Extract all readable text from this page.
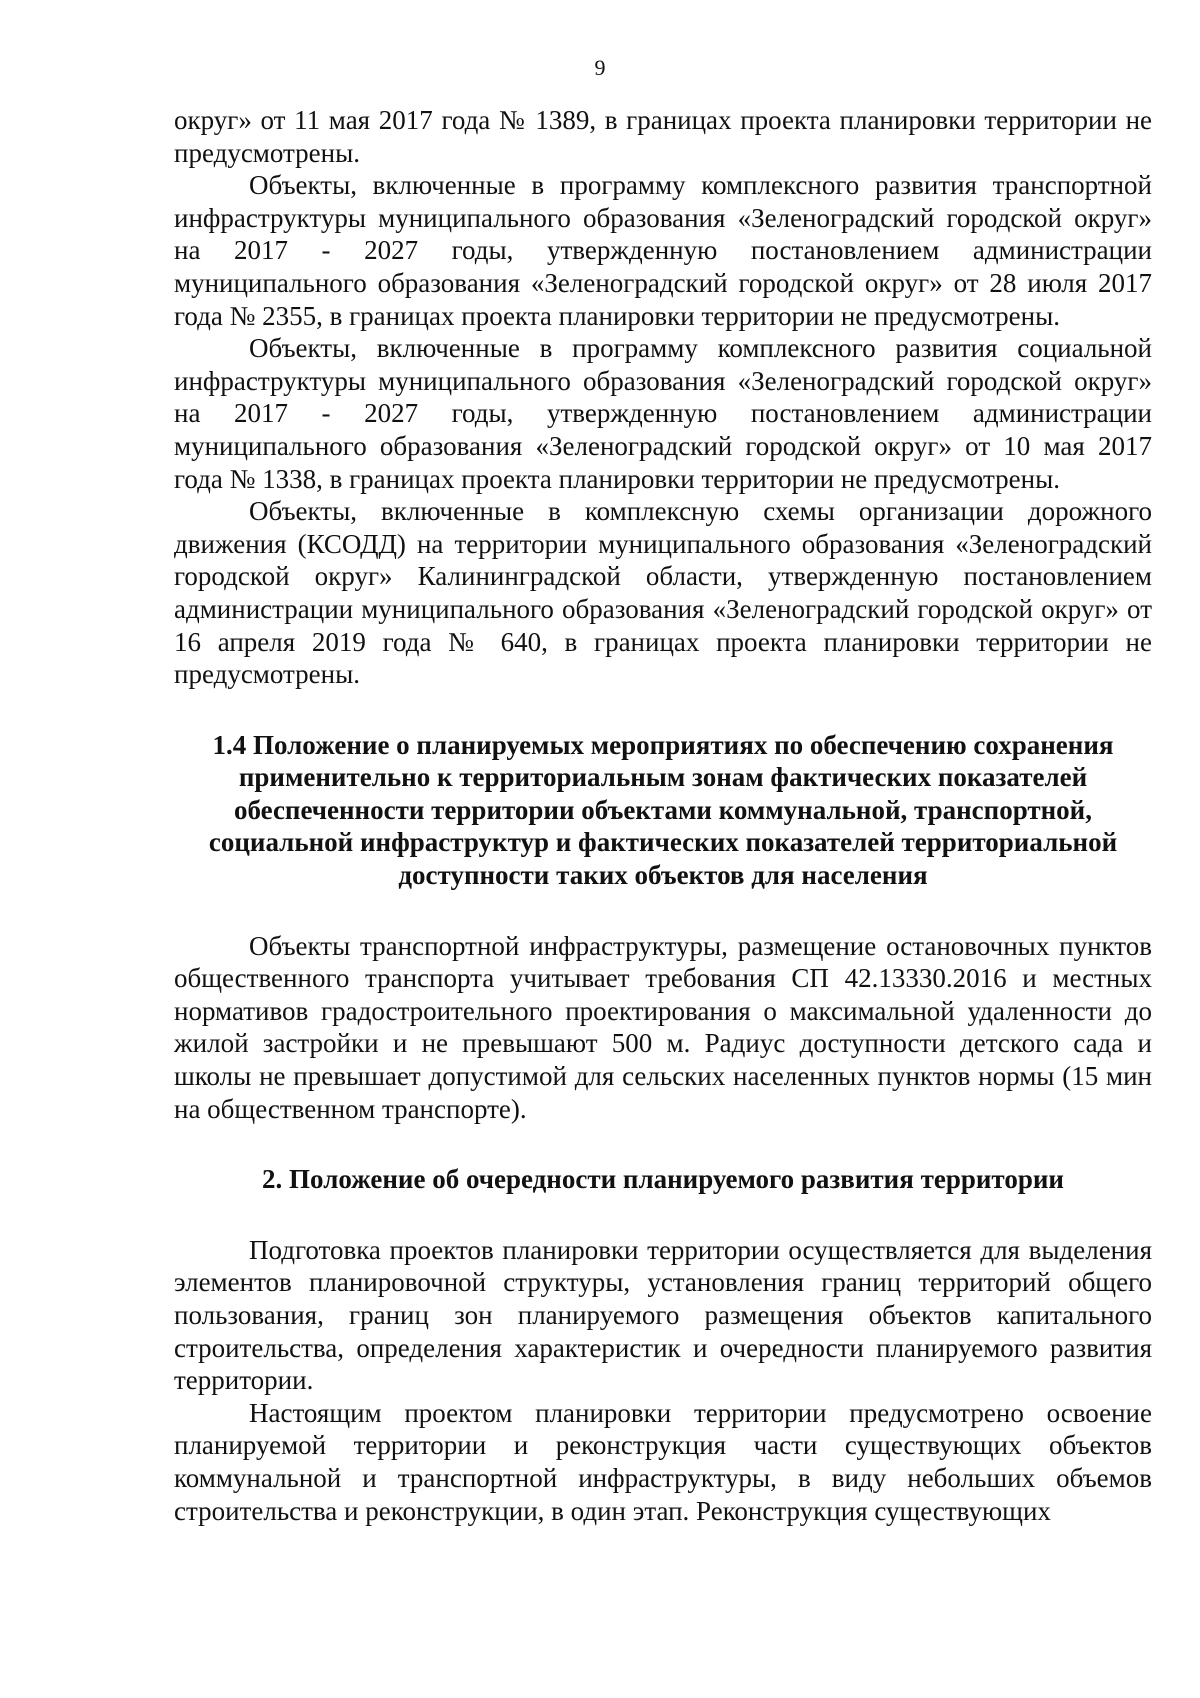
9

округ» от 11 мая 2017 года № 1389, в границах проекта планировки территории не предусмотрены.

Объекты, включенные в программу комплексного развития транспортной инфраструктуры муниципального образования «Зеленоградский городской округ» на 2017 - 2027 годы, утвержденную постановлением администрации муниципального образования «Зеленоградский городской округ» от 28 июля 2017 года № 2355, в границах проекта планировки территории не предусмотрены.

Объекты, включенные в программу комплексного развития социальной инфраструктуры муниципального образования «Зеленоградский городской округ» на 2017 - 2027 годы, утвержденную постановлением администрации муниципального образования «Зеленоградский городской округ» от 10 мая 2017 года № 1338, в границах проекта планировки территории не предусмотрены.

Объекты, включенные в комплексную схемы организации дорожного движения (КСОДД) на территории муниципального образования «Зеленоградский городской округ» Калининградской области, утвержденную постановлением администрации муниципального образования «Зеленоградский городской округ» от 16 апреля 2019 года № 640, в границах проекта планировки территории не предусмотрены.

1.4 Положение о планируемых мероприятиях по обеспечению сохранения применительно к территориальным зонам фактических показателей обеспеченности территории объектами коммунальной, транспортной, социальной инфраструктур и фактических показателей территориальной доступности таких объектов для населения

Объекты транспортной инфраструктуры, размещение остановочных пунктов общественного транспорта учитывает требования СП 42.13330.2016 и местных нормативов градостроительного проектирования о максимальной удаленности до жилой застройки и не превышают 500 м. Радиус доступности детского сада и школы не превышает допустимой для сельских населенных пунктов нормы (15 мин на общественном транспорте).

2. Положение об очередности планируемого развития территории

Подготовка проектов планировки территории осуществляется для выделения элементов планировочной структуры, установления границ территорий общего пользования, границ зон планируемого размещения объектов капитального строительства, определения характеристик и очередности планируемого развития территории.

Настоящим проектом планировки территории предусмотрено освоение планируемой территории и реконструкция части существующих объектов коммунальной и транспортной инфраструктуры, в виду небольших объемов строительства и реконструкции, в один этап. Реконструкция существующих
